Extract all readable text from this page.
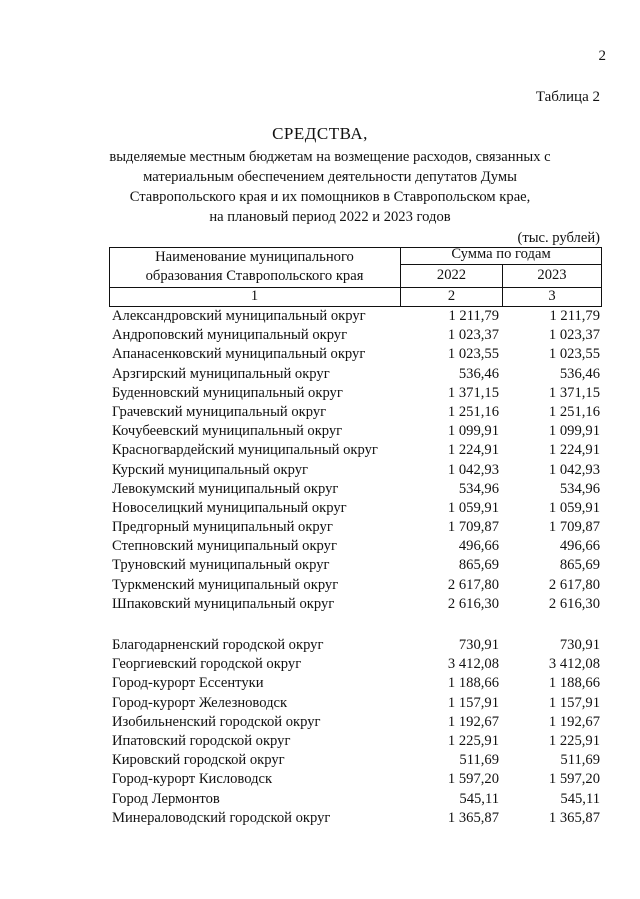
2
Таблица 2
СРЕДСТВА,
выделяемые местным бюджетам на возмещение расходов, связанных с
материальным обеспечением деятельности депутатов Думы
Ставропольского края и их помощников в Ставропольском крае,
на плановый период 2022 и 2023 годов
(тыс. рублей)
Наименование муниципального
образования Ставропольского края
Сумма по годам
2022	2023
1	2	3
Александровский муниципальный округ	1 211,79	1 211,79
Андроповский муниципальный округ	1 023,37	1 023,37
Апанасенковский муниципальный округ	1 023,55	1 023,55
Арзгирский муниципальный округ	536,46	536,46
Буденновский муниципальный округ	1 371,15	1 371,15
Грачевский муниципальный округ	1 251,16	1 251,16
Кочубеевский муниципальный округ	1 099,91	1 099,91
Красногвардейский муниципальный округ	1 224,91	1 224,91
Курский муниципальный округ	1 042,93	1 042,93
Левокумский муниципальный округ	534,96	534,96
Новоселицкий муниципальный округ	1 059,91	1 059,91
Предгорный муниципальный округ	1 709,87	1 709,87
Степновский муниципальный округ	496,66	496,66
Труновский муниципальный округ	865,69	865,69
Туркменский муниципальный округ	2 617,80	2 617,80
Шпаковский муниципальный округ	2 616,30	2 616,30
Благодарненский городской округ	730,91	730,91
Георгиевский городской округ	3 412,08	3 412,08
Город-курорт Ессентуки	1 188,66	1 188,66
Город-курорт Железноводск	1 157,91	1 157,91
Изобильненский городской округ	1 192,67	1 192,67
Ипатовский городской округ	1 225,91	1 225,91
Кировский городской округ	511,69	511,69
Город-курорт Кисловодск	1 597,20	1 597,20
Город Лермонтов	545,11	545,11
Минераловодский городской округ	1 365,87	1 365,87
